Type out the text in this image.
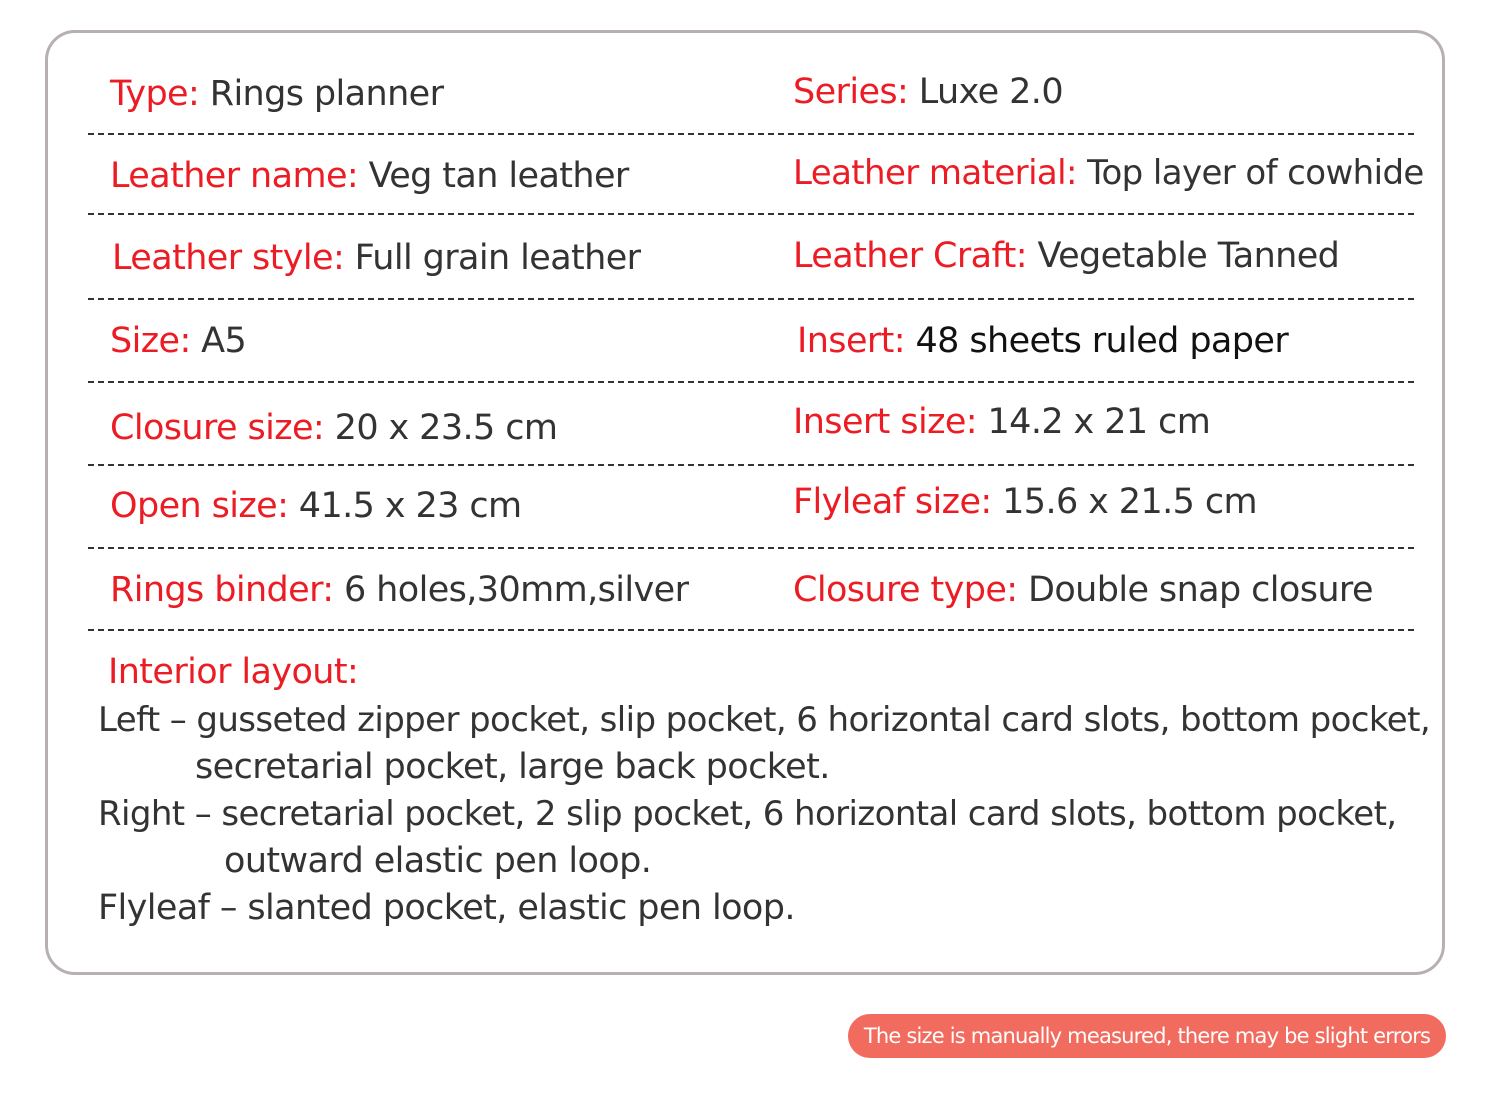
Type: Rings planner	Series: Luxe 2.0
Leather name: Veg tan leather	Leather material: Top layer of cowhide
Leather style: Full grain leather	Leather Craft: Vegetable Tanned
Size: A5	Insert: 48 sheets ruled paper
Closure size: 20 x 23.5 cm	Insert size: 14.2 x 21 cm
Open size: 41.5 x 23 cm	Flyleaf size: 15.6 x 21.5 cm
Rings binder: 6 holes,30mm,silver	Closure type: Double snap closure
Interior layout:
Left – gusseted zipper pocket, slip pocket, 6 horizontal card slots, bottom pocket,
secretarial pocket, large back pocket.
Right – secretarial pocket, 2 slip pocket, 6 horizontal card slots, bottom pocket,
outward elastic pen loop.
Flyleaf – slanted pocket, elastic pen loop.
The size is manually measured, there may be slight errors
